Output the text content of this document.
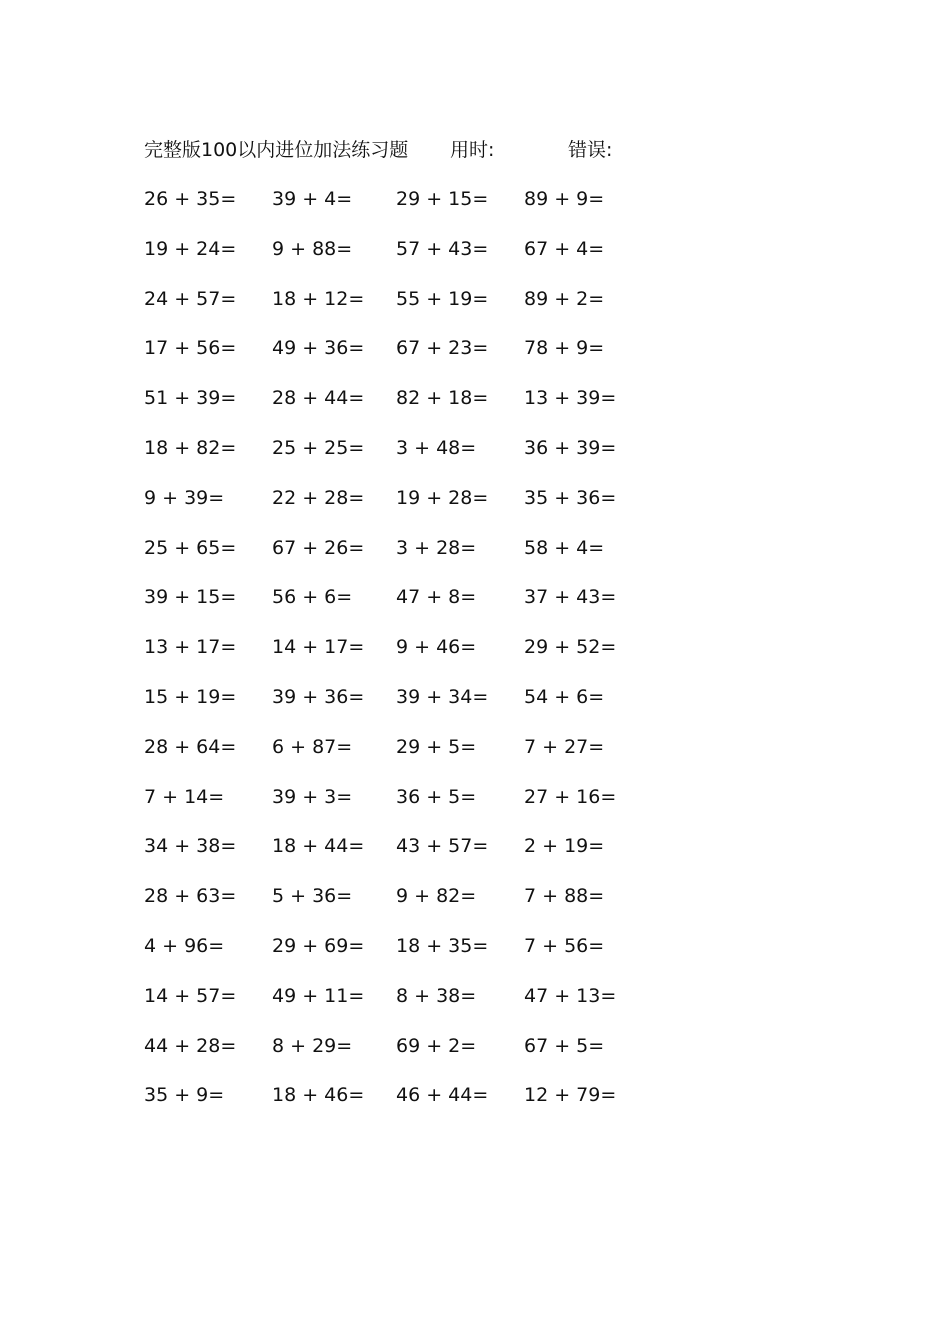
完整版100以内进位加法练习题 用时:	错误:
26 + 35= 39 + 4= 29 + 15= 89 + 9=
19 + 24= 9 + 88= 57 + 43= 67 + 4=
24 + 57= 18 + 12= 55 + 19= 89 + 2=
17 + 56= 49 + 36= 67 + 23= 78 + 9=
51 + 39= 28 + 44= 82 + 18= 13 + 39=
18 + 82= 25 + 25= 3 + 48=	36 + 39=
9 + 39=	22 + 28= 19 + 28= 35 + 36=
25 + 65= 67 + 26= 3 + 28=	58 + 4=
39 + 15= 56 + 6= 47 + 8=	37 + 43=
13 + 17= 14 + 17= 9 + 46=	29 + 52=
15 + 19= 39 + 36= 39 + 34= 54 + 6=
28 + 64= 6 + 87= 29 + 5=	7 + 27=
7 + 14=	39 + 3= 36 + 5=	27 + 16=
34 + 38= 18 + 44= 43 + 57= 2 + 19=
28 + 63= 5 + 36= 9 + 82=	7 + 88=
4 + 96=	29 + 69= 18 + 35= 7 + 56=
14 + 57= 49 + 11= 8 + 38=	47 + 13=
44 + 28= 8 + 29= 69 + 2=	67 + 5=
35 + 9=	18 + 46= 46 + 44= 12 + 79=
